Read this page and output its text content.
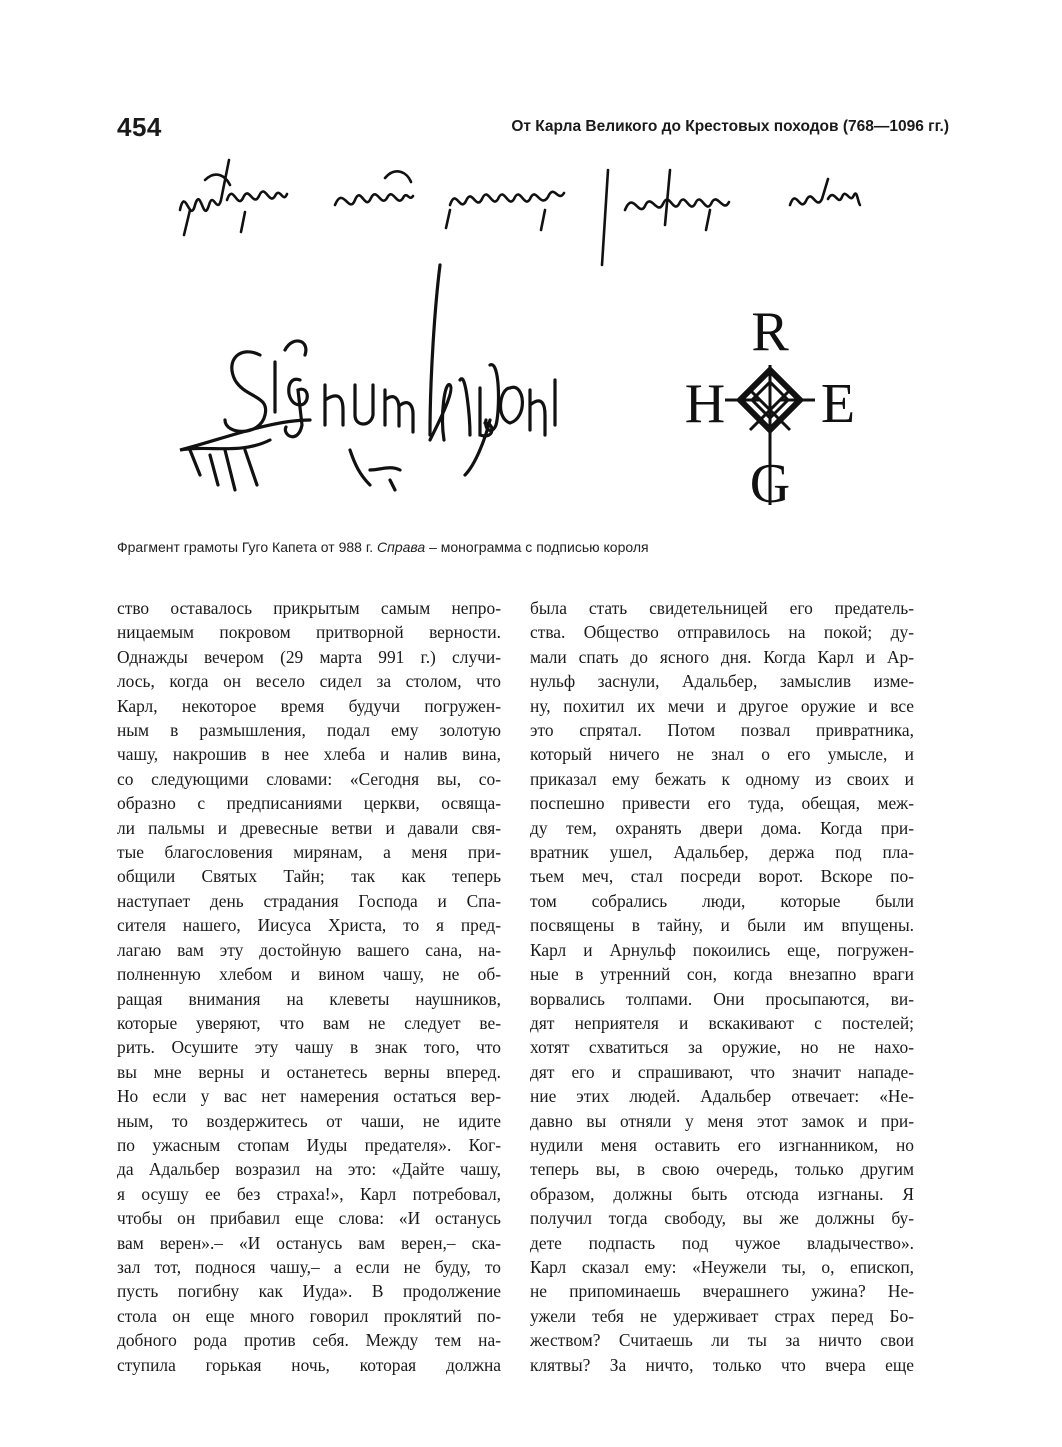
454	От Карла Великого до Крестовых походов (768—1096 гг.)
R
H E
G
Фрагмент грамоты Гуго Капета от 988 г. Справа – монограмма с подписью короля
ство оставалось прикрытым самым непро-
ницаемым покровом притворной верности.
Однажды вечером (29 марта 991 г.) случи-
лось, когда он весело сидел за столом, что
Карл, некоторое время будучи погружен-
ным в размышления, подал ему золотую
чашу, накрошив в нее хлеба и налив вина,
со следующими словами: «Сегодня вы, со-
образно с предписаниями церкви, освяща-
ли пальмы и древесные ветви и давали свя-
тые благословения мирянам, а меня при-
общили Святых Тайн; так как теперь
наступает день страдания Господа и Спа-
сителя нашего, Иисуса Христа, то я пред-
лагаю вам эту достойную вашего сана, на-
полненную хлебом и вином чашу, не об-
ращая внимания на клеветы наушников,
которые уверяют, что вам не следует ве-
рить. Осушите эту чашу в знак того, что
вы мне верны и останетесь верны вперед.
Но если у вас нет намерения остаться вер-
ным, то воздержитесь от чаши, не идите
по ужасным стопам Иуды предателя». Ког-
да Адальбер возразил на это: «Дайте чашу,
я осушу ее без страха!», Карл потребовал,
чтобы он прибавил еще слова: «И останусь
вам верен».– «И останусь вам верен,– ска-
зал тот, поднося чашу,– а если не буду, то
пусть погибну как Иуда». В продолжение
стола он еще много говорил проклятий по-
добного рода против себя. Между тем на-
ступила горькая ночь, которая должна
была стать свидетельницей его предатель-
ства. Общество отправилось на покой; ду-
мали спать до ясного дня. Когда Карл и Ар-
нульф заснули, Адальбер, замыслив изме-
ну, похитил их мечи и другое оружие и все
это спрятал. Потом позвал привратника,
который ничего не знал о его умысле, и
приказал ему бежать к одному из своих и
поспешно привести его туда, обещая, меж-
ду тем, охранять двери дома. Когда при-
вратник ушел, Адальбер, держа под пла-
тьем меч, стал посреди ворот. Вскоре по-
том собрались люди, которые были
посвящены в тайну, и были им впущены.
Карл и Арнульф покоились еще, погружен-
ные в утренний сон, когда внезапно враги
ворвались толпами. Они просыпаются, ви-
дят неприятеля и вскакивают с постелей;
хотят схватиться за оружие, но не нахо-
дят его и спрашивают, что значит нападе-
ние этих людей. Адальбер отвечает: «Не-
давно вы отняли у меня этот замок и при-
нудили меня оставить его изгнанником, но
теперь вы, в свою очередь, только другим
образом, должны быть отсюда изгнаны. Я
получил тогда свободу, вы же должны бу-
дете подпасть под чужое владычество».
Карл сказал ему: «Неужели ты, о, епископ,
не припоминаешь вчерашнего ужина? Не-
ужели тебя не удерживает страх перед Бо-
жеством? Считаешь ли ты за ничто свои
клятвы? За ничто, только что вчера еще
